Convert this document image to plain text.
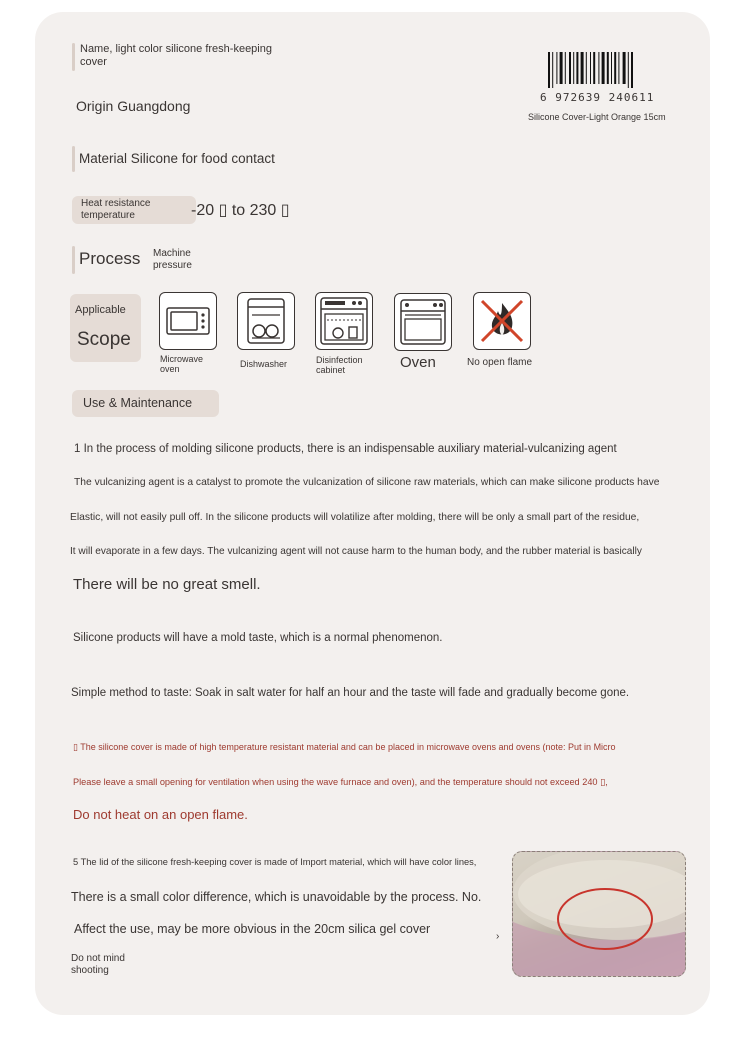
Name, light color silicone fresh-keeping cover
6 972639 240611
Silicone Cover-Light Orange 15cm
Origin Guangdong
Material Silicone for food contact
Heat resistance temperature	-20 ▯ to 230 ▯
Process Machine pressure
Applicable
Scope
Microwave oven	Dishwasher	Disinfection cabinet	Oven	No open flame
Use & Maintenance
1 In the process of molding silicone products, there is an indispensable auxiliary material-vulcanizing agent
The vulcanizing agent is a catalyst to promote the vulcanization of silicone raw materials, which can make silicone products have
Elastic, will not easily pull off. In the silicone products will volatilize after molding, there will be only a small part of the residue,
It will evaporate in a few days. The vulcanizing agent will not cause harm to the human body, and the rubber material is basically
There will be no great smell.
Silicone products will have a mold taste, which is a normal phenomenon.
Simple method to taste: Soak in salt water for half an hour and the taste will fade and gradually become gone.
▯ The silicone cover is made of high temperature resistant material and can be placed in microwave ovens and ovens (note: Put in Micro
Please leave a small opening for ventilation when using the wave furnace and oven), and the temperature should not exceed 240 ▯,
Do not heat on an open flame.
5 The lid of the silicone fresh-keeping cover is made of Import material, which will have color lines,
There is a small color difference, which is unavoidable by the process. No.
Affect the use, may be more obvious in the 20cm silica gel cover
›
Do not mind shooting
